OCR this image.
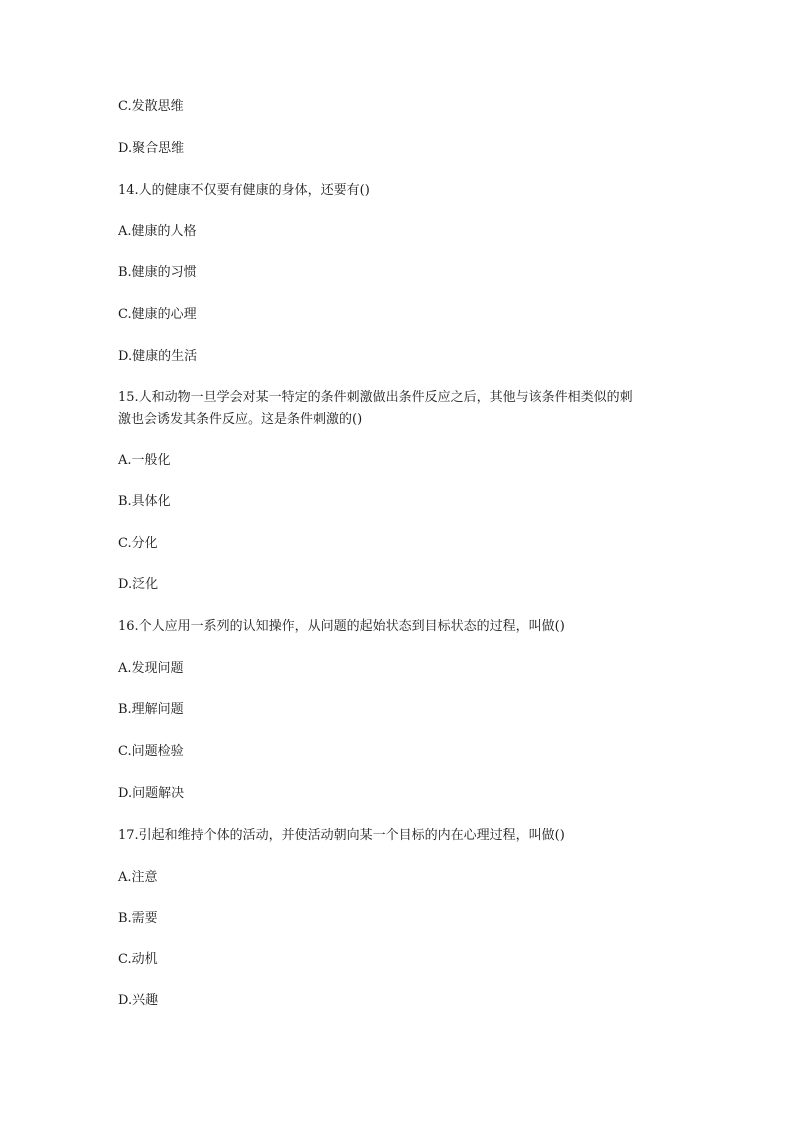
C.发散思维
D.聚合思维
14.人的健康不仅要有健康的身体，还要有()
A.健康的人格
B.健康的习惯
C.健康的心理
D.健康的生活
15.人和动物一旦学会对某一特定的条件刺激做出条件反应之后，其他与该条件相类似的刺
激也会诱发其条件反应。这是条件刺激的()
A.一般化
B.具体化
C.分化
D.泛化
16.个人应用一系列的认知操作，从问题的起始状态到目标状态的过程，叫做()
A.发现问题
B.理解问题
C.问题检验
D.问题解决
17.引起和维持个体的活动，并使活动朝向某一个目标的内在心理过程，叫做()
A.注意
B.需要
C.动机
D.兴趣
